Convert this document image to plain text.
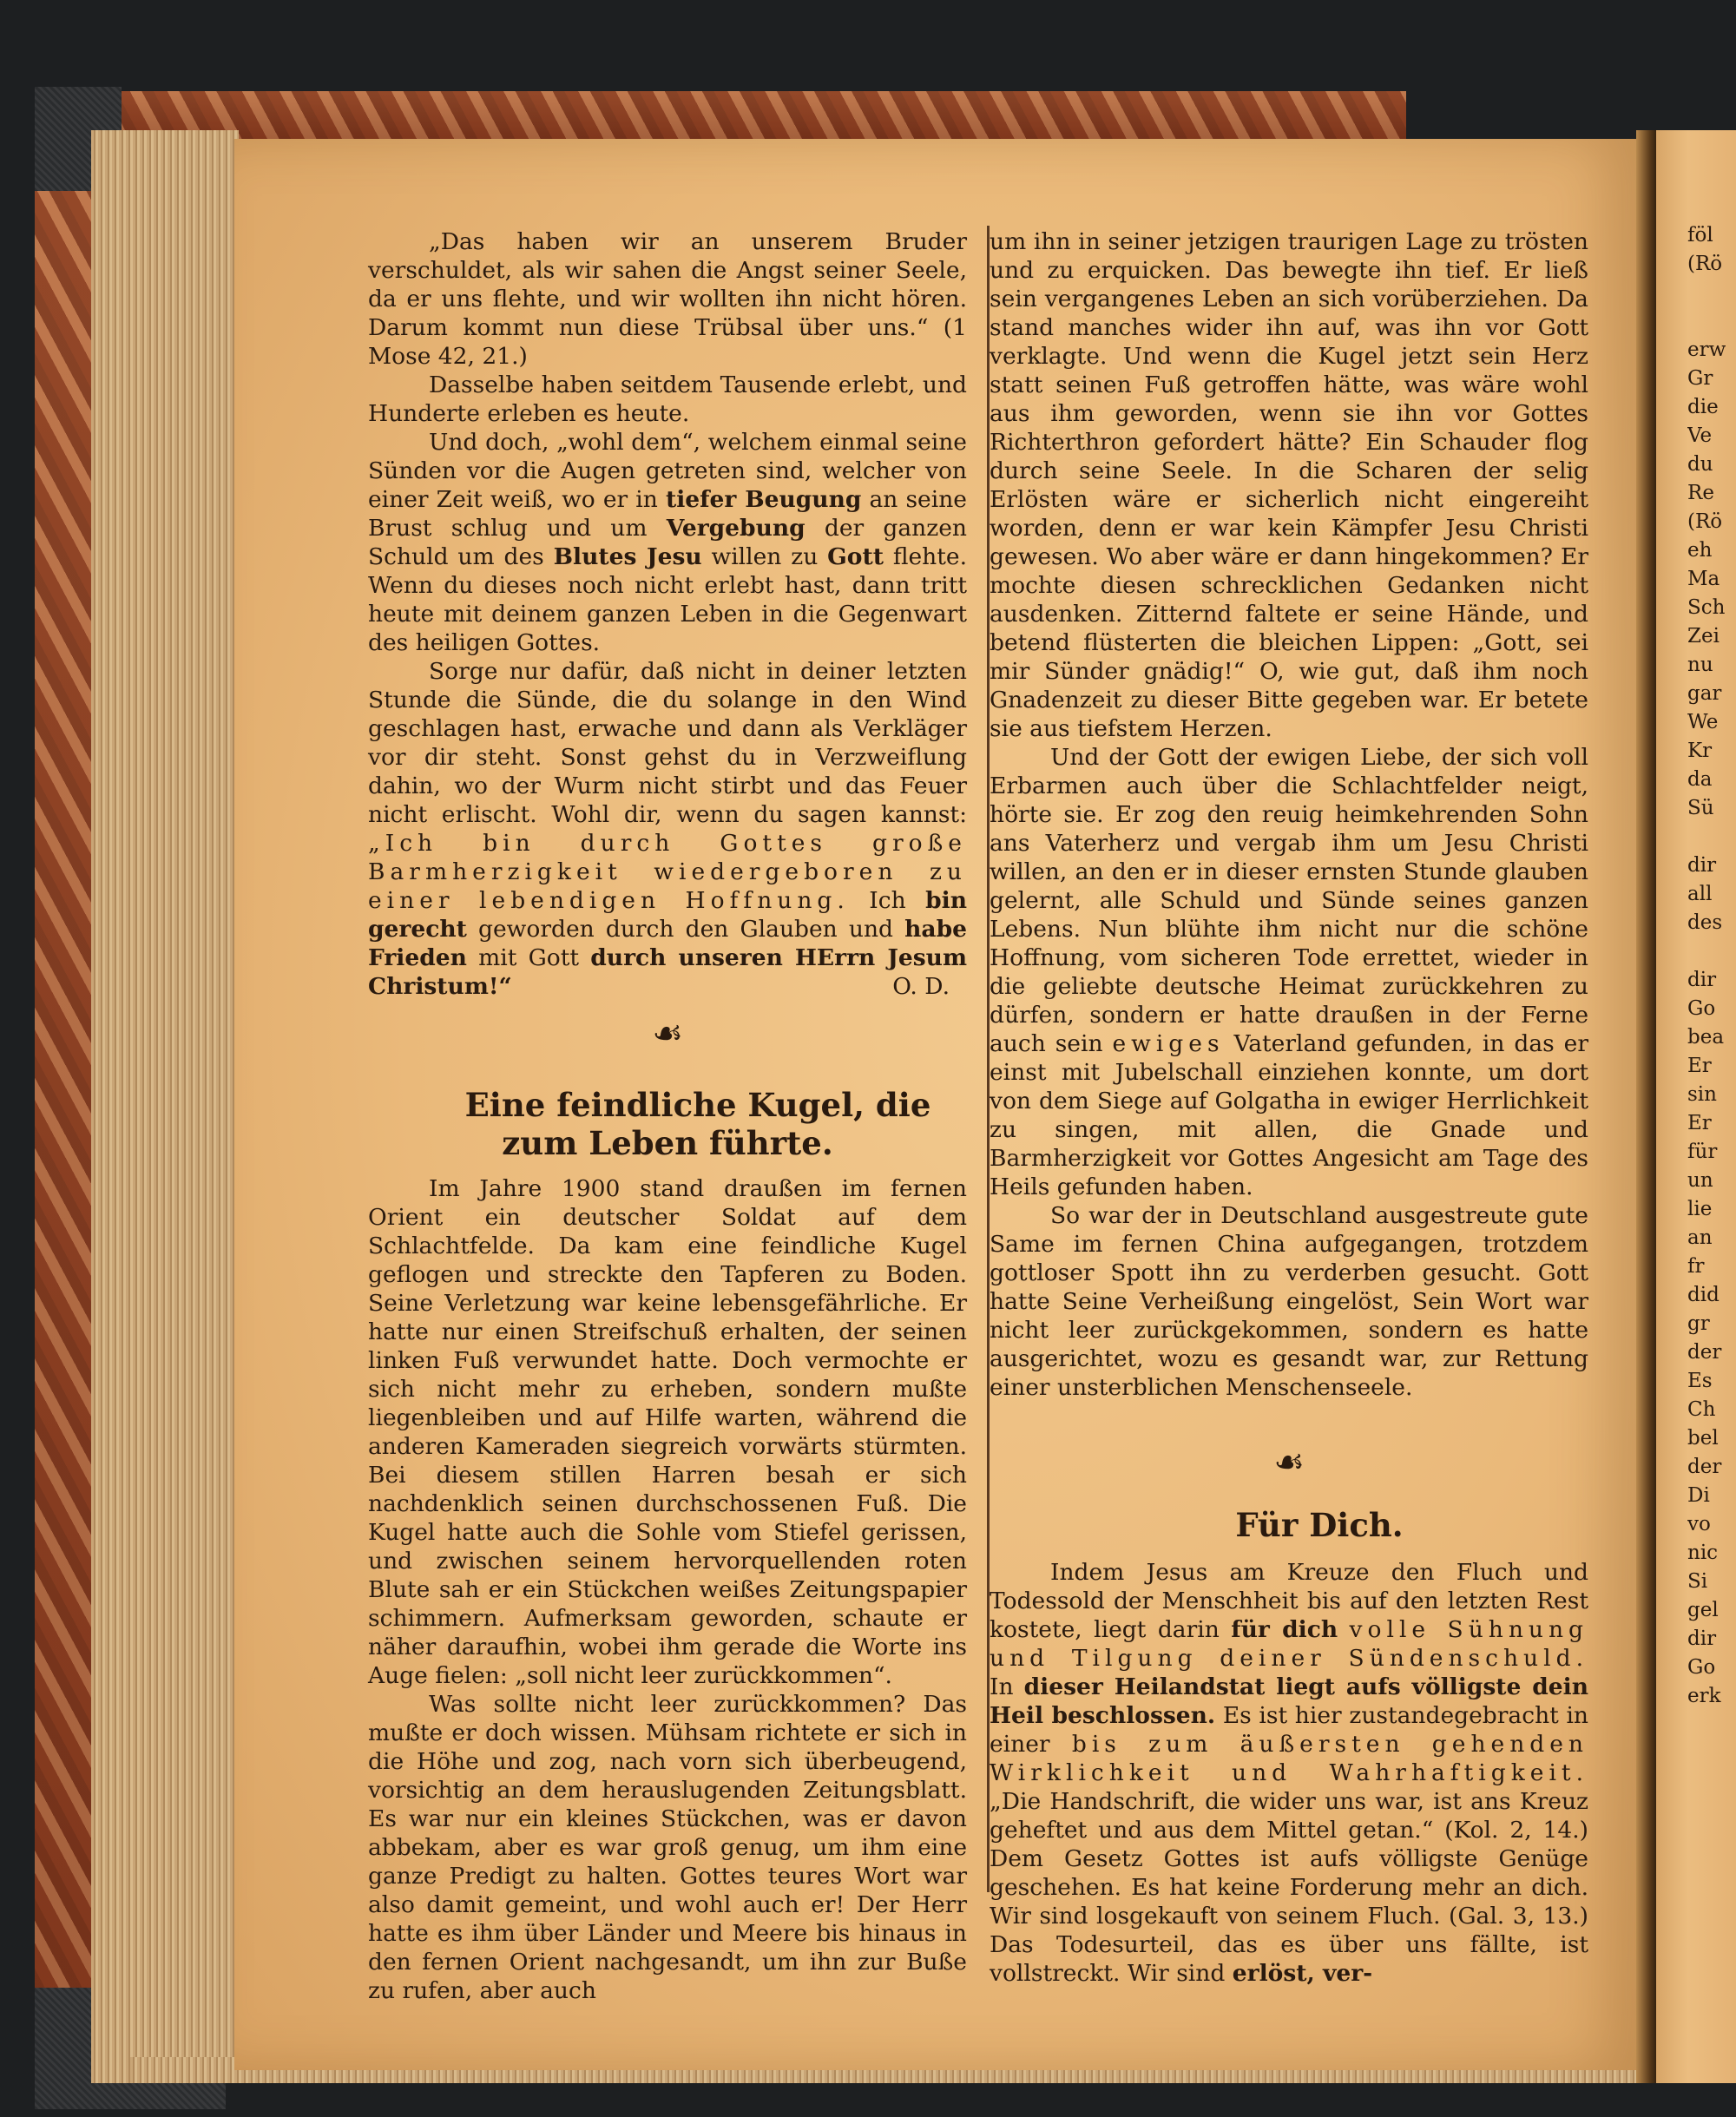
„Das haben wir an unserem Bruder verschuldet, als wir sahen die Angst seiner Seele, da er uns flehte, und wir wollten ihn nicht hören. Darum kommt nun diese Trübsal über uns.“ (1 Mose 42, 21.)

Dasselbe haben seitdem Tausende erlebt, und Hunderte erleben es heute.

Und doch, „wohl dem“, welchem einmal seine Sünden vor die Augen getreten sind, welcher von einer Zeit weiß, wo er in tiefer Beugung an seine Brust schlug und um Vergebung der ganzen Schuld um des Blutes Jesu willen zu Gott flehte. Wenn du dieses noch nicht erlebt hast, dann tritt heute mit deinem ganzen Leben in die Gegenwart des heiligen Gottes.

Sorge nur dafür, daß nicht in deiner letzten Stunde die Sünde, die du solange in den Wind geschlagen hast, erwache und dann als Verkläger vor dir steht. Sonst gehst du in Verzweiflung dahin, wo der Wurm nicht stirbt und das Feuer nicht erlischt. Wohl dir, wenn du sagen kannst: „Ich bin durch Gottes große Barmherzigkeit wiedergeboren zu einer lebendigen Hoffnung. Ich bin gerecht geworden durch den Glauben und habe Frieden mit Gott durch unseren HErrn Jesum Christum!“	O. D.
☙

Eine feindliche Kugel, die zum Leben führte.

Im Jahre 1900 stand draußen im fernen Orient ein deutscher Soldat auf dem Schlachtfelde. Da kam eine feindliche Kugel geflogen und streckte den Tapferen zu Boden. Seine Verletzung war keine lebensgefährliche. Er hatte nur einen Streifschuß erhalten, der seinen linken Fuß verwundet hatte. Doch vermochte er sich nicht mehr zu erheben, sondern mußte liegenbleiben und auf Hilfe warten, während die anderen Kameraden siegreich vorwärts stürmten. Bei diesem stillen Harren besah er sich nachdenklich seinen durchschossenen Fuß. Die Kugel hatte auch die Sohle vom Stiefel gerissen, und zwischen seinem hervorquellenden roten Blute sah er ein Stückchen weißes Zeitungspapier schimmern. Aufmerksam geworden, schaute er näher daraufhin, wobei ihm gerade die Worte ins Auge fielen: „soll nicht leer zurückkommen“.

Was sollte nicht leer zurückkommen? Das mußte er doch wissen. Mühsam richtete er sich in die Höhe und zog, nach vorn sich überbeugend, vorsichtig an dem herauslugenden Zeitungsblatt. Es war nur ein kleines Stückchen, was er davon abbekam, aber es war groß genug, um ihm eine ganze Predigt zu halten. Gottes teures Wort war also damit gemeint, und wohl auch er! Der Herr hatte es ihm über Länder und Meere bis hinaus in den fernen Orient nachgesandt, um ihn zur Buße zu rufen, aber auch

um ihn in seiner jetzigen traurigen Lage zu trösten und zu erquicken. Das bewegte ihn tief. Er ließ sein vergangenes Leben an sich vorüberziehen. Da stand manches wider ihn auf, was ihn vor Gott verklagte. Und wenn die Kugel jetzt sein Herz statt seinen Fuß getroffen hätte, was wäre wohl aus ihm geworden, wenn sie ihn vor Gottes Richterthron gefordert hätte? Ein Schauder flog durch seine Seele. In die Scharen der selig Erlösten wäre er sicherlich nicht eingereiht worden, denn er war kein Kämpfer Jesu Christi gewesen. Wo aber wäre er dann hingekommen? Er mochte diesen schrecklichen Gedanken nicht ausdenken. Zitternd faltete er seine Hände, und betend flüsterten die bleichen Lippen: „Gott, sei mir Sünder gnädig!“ O, wie gut, daß ihm noch Gnadenzeit zu dieser Bitte gegeben war. Er betete sie aus tiefstem Herzen.

Und der Gott der ewigen Liebe, der sich voll Erbarmen auch über die Schlachtfelder neigt, hörte sie. Er zog den reuig heimkehrenden Sohn ans Vaterherz und vergab ihm um Jesu Christi willen, an den er in dieser ernsten Stunde glauben gelernt, alle Schuld und Sünde seines ganzen Lebens. Nun blühte ihm nicht nur die schöne Hoffnung, vom sicheren Tode errettet, wieder in die geliebte deutsche Heimat zurückkehren zu dürfen, sondern er hatte draußen in der Ferne auch sein ewiges Vaterland gefunden, in das er einst mit Jubelschall einziehen konnte, um dort von dem Siege auf Golgatha in ewiger Herrlichkeit zu singen, mit allen, die Gnade und Barmherzigkeit vor Gottes Angesicht am Tage des Heils gefunden haben.

So war der in Deutschland ausgestreute gute Same im fernen China aufgegangen, trotzdem gottloser Spott ihn zu verderben gesucht. Gott hatte Seine Verheißung eingelöst, Sein Wort war nicht leer zurückgekommen, sondern es hatte ausgerichtet, wozu es gesandt war, zur Rettung einer unsterblichen Menschenseele.

☙

Für Dich.

Indem Jesus am Kreuze den Fluch und Todessold der Menschheit bis auf den letzten Rest kostete, liegt darin für dich volle Sühnung und Tilgung deiner Sündenschuld. In dieser Heilandstat liegt aufs völligste dein Heil beschlossen. Es ist hier zustandegebracht in einer bis zum äußersten gehenden Wirklichkeit und Wahrhaftigkeit. „Die Handschrift, die wider uns war, ist ans Kreuz geheftet und aus dem Mittel getan.“ (Kol. 2, 14.) Dem Gesetz Gottes ist aufs völligste Genüge geschehen. Es hat keine Forderung mehr an dich. Wir sind losgekauft von seinem Fluch. (Gal. 3, 13.) Das Todesurteil, das es über uns fällte, ist vollstreckt. Wir sind erlöst, ver-

föl
(Rö
erw
Gr
die
Ve
du
Re
(Rö
eh
Ma
Sch
Zei
nu
gar
We
Kr
da
Sü
dir
all
des
dir
Go
bea
Er
sin
Er
für
un
lie
an
fr
did
gr
der
Es
Ch
bel
der
Di
vo
nic
Si
gel
dir
Go
erk
